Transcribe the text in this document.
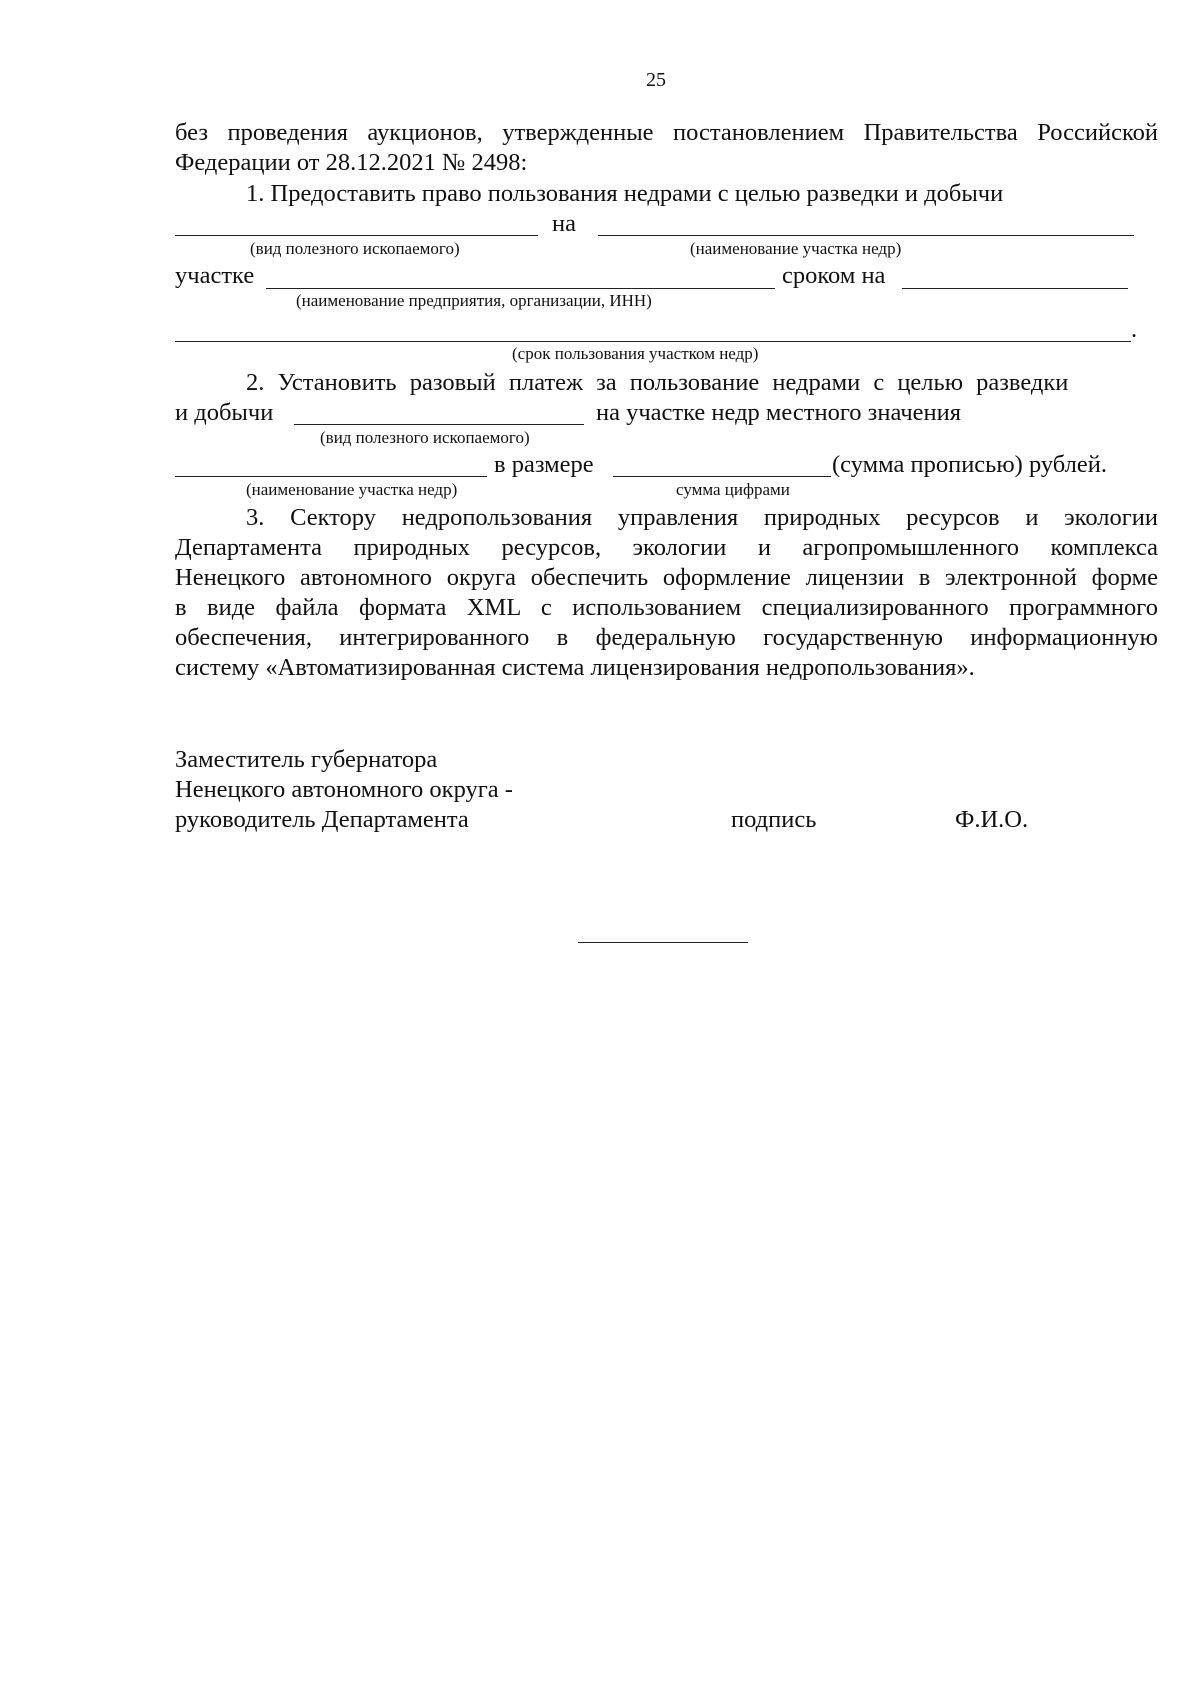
25
без проведения аукционов, утвержденные постановлением Правительства Российской
Федерации от 28.12.2021 № 2498:
1. Предоставить право пользования недрами с целью разведки и добычи
на
(вид полезного ископаемого)	(наименование участка недр)
участке	сроком на
(наименование предприятия, организации, ИНН)
.
(срок пользования участком недр)
2. Установить разовый платеж за пользование недрами с целью разведки
и добычи	на участке недр местного значения
(вид полезного ископаемого)
в размере	(сумма прописью) рублей.
(наименование участка недр)	сумма цифрами
3. Сектору недропользования управления природных ресурсов и экологии
Департамента природных ресурсов, экологии и агропромышленного комплекса
Ненецкого автономного округа обеспечить оформление лицензии в электронной форме
в виде файла формата XML с использованием специализированного программного
обеспечения, интегрированного в федеральную государственную информационную
систему «Автоматизированная система лицензирования недропользования».
Заместитель губернатора
Ненецкого автономного округа -
руководитель Департамента	подпись	Ф.И.О.
